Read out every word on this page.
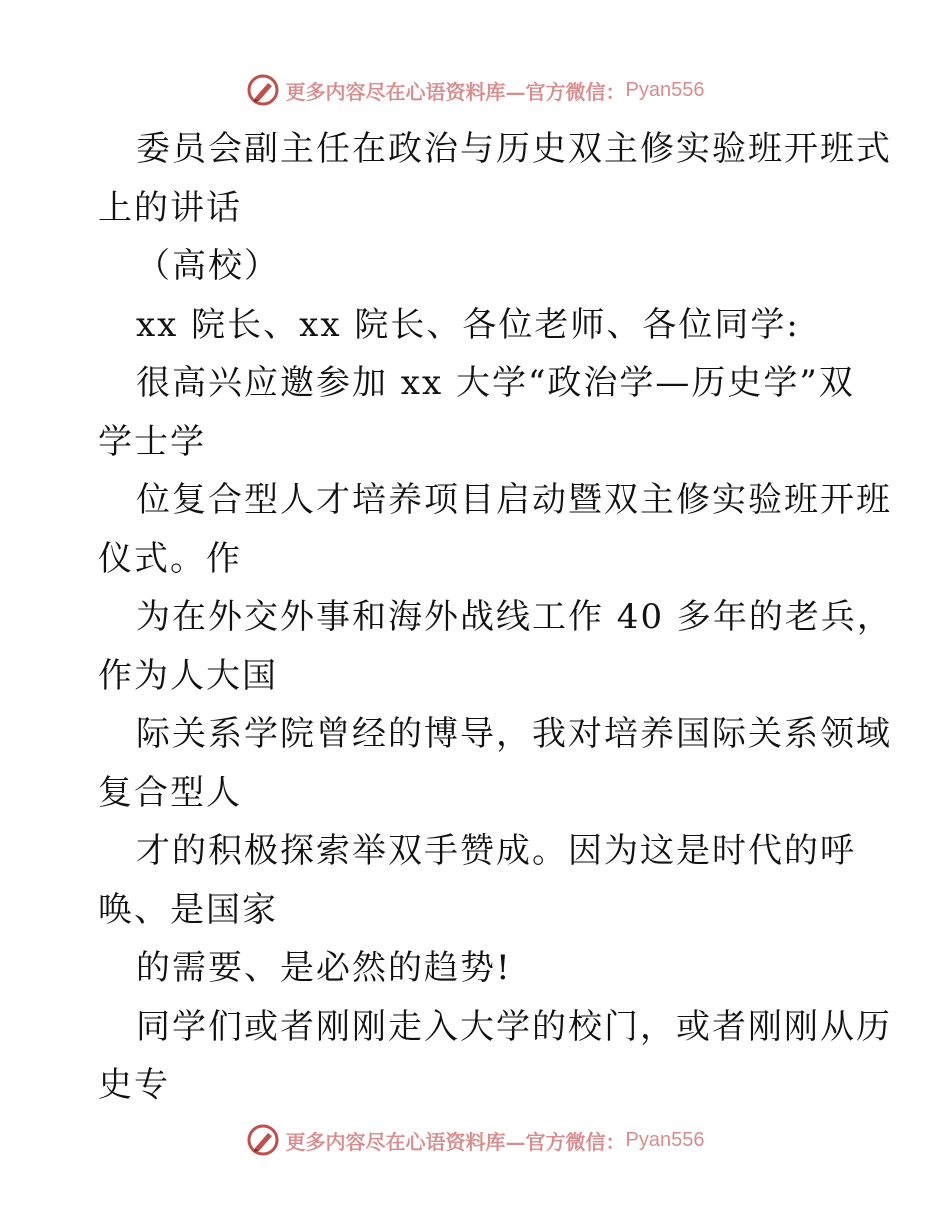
更多内容尽在心语资料库—官方微信： Pyan556
委员会副主任在政治与历史双主修实验班开班式
上的讲话
（高校）
xx 院长、xx 院长、各位老师、各位同学:
很高兴应邀参加 xx 大学“政治学—历史学”双
学士学
位复合型人才培养项目启动暨双主修实验班开班
仪式。作
为在外交外事和海外战线工作 40 多年的老兵，
作为人大国
际关系学院曾经的博导，我对培养国际关系领域
复合型人
才的积极探索举双手赞成。因为这是时代的呼
唤、是国家
的需要、是必然的趋势!
同学们或者刚刚走入大学的校门，或者刚刚从历
史专
更多内容尽在心语资料库—官方微信： Pyan556
